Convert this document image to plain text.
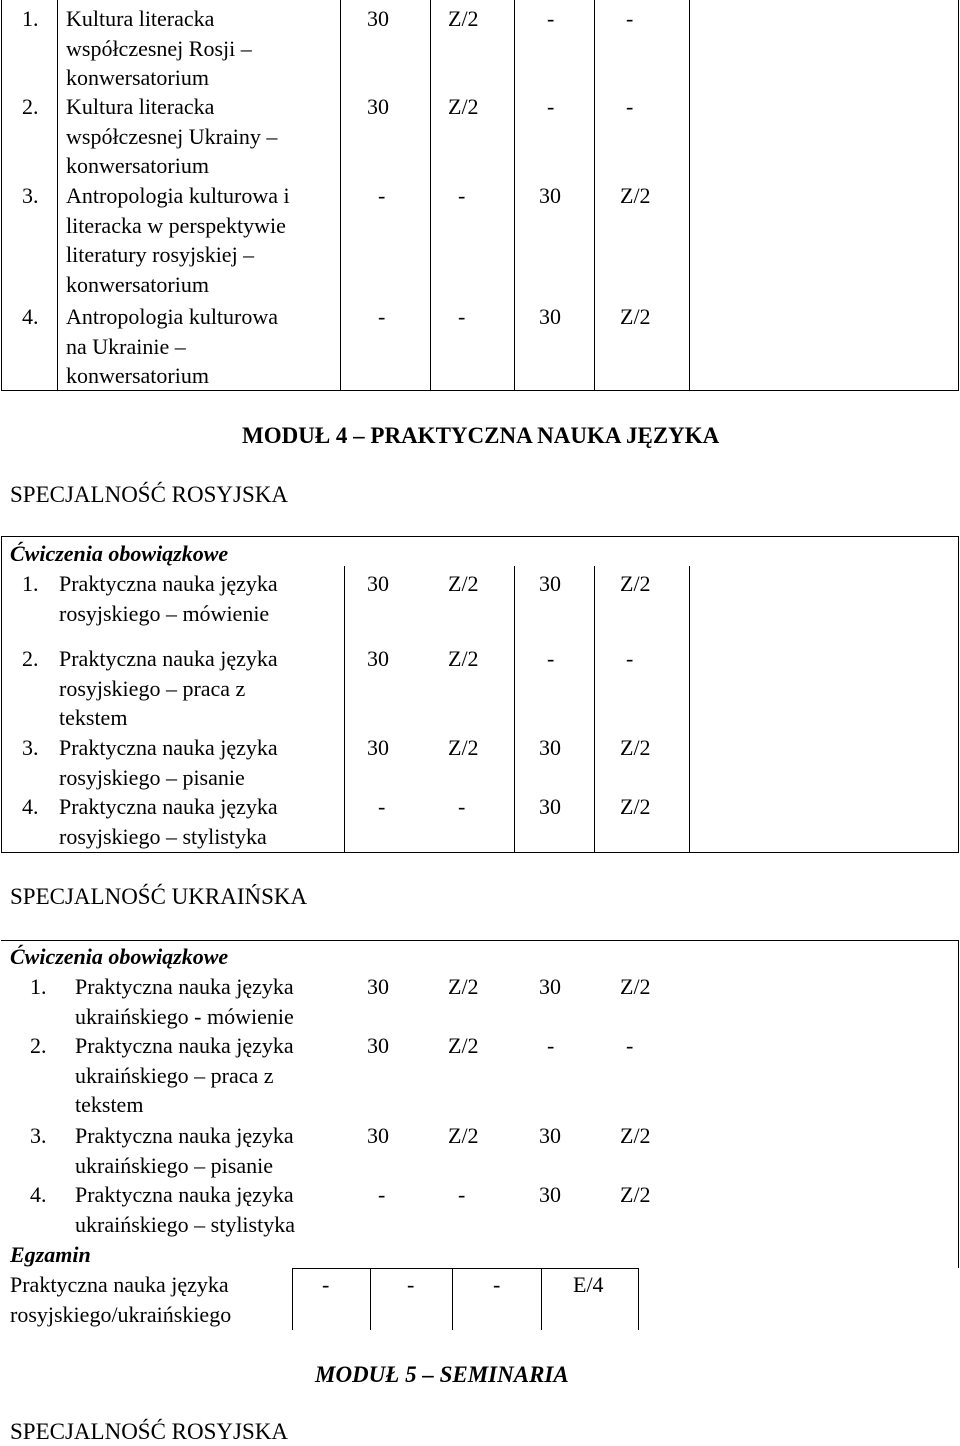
1. Kultura literacka
współczesnej Rosji –
konwersatorium
30	Z/2	-	-
2. Kultura literacka
współczesnej Ukrainy –
konwersatorium
30	Z/2	-	-
3. Antropologia kulturowa i
literacka w perspektywie
literatury rosyjskiej –
konwersatorium
-	-	30	Z/2
4. Antropologia kulturowa
na Ukrainie –
konwersatorium
-	-	30	Z/2
MODUŁ 4 – PRAKTYCZNA NAUKA JĘZYKA
SPECJALNOŚĆ ROSYJSKA
Ćwiczenia obowiązkowe
1. Praktyczna nauka języka
rosyjskiego – mówienie
30	Z/2	30	Z/2
2. Praktyczna nauka języka
rosyjskiego – praca z
tekstem
30	Z/2	-	-
3. Praktyczna nauka języka
rosyjskiego – pisanie
30	Z/2	30	Z/2
4. Praktyczna nauka języka
rosyjskiego – stylistyka
-	-	30	Z/2
SPECJALNOŚĆ UKRAIŃSKA
Ćwiczenia obowiązkowe
1. Praktyczna nauka języka
ukraińskiego - mówienie
30	Z/2	30	Z/2
2. Praktyczna nauka języka
ukraińskiego – praca z
tekstem
30	Z/2	-	-
3. Praktyczna nauka języka
ukraińskiego – pisanie
30	Z/2	30	Z/2
4. Praktyczna nauka języka
ukraińskiego – stylistyka
-	-	30	Z/2
Egzamin
Praktyczna nauka języka
rosyjskiego/ukraińskiego
-	-	-	E/4
MODUŁ 5 – SEMINARIA
SPECJALNOŚĆ ROSYJSKA
